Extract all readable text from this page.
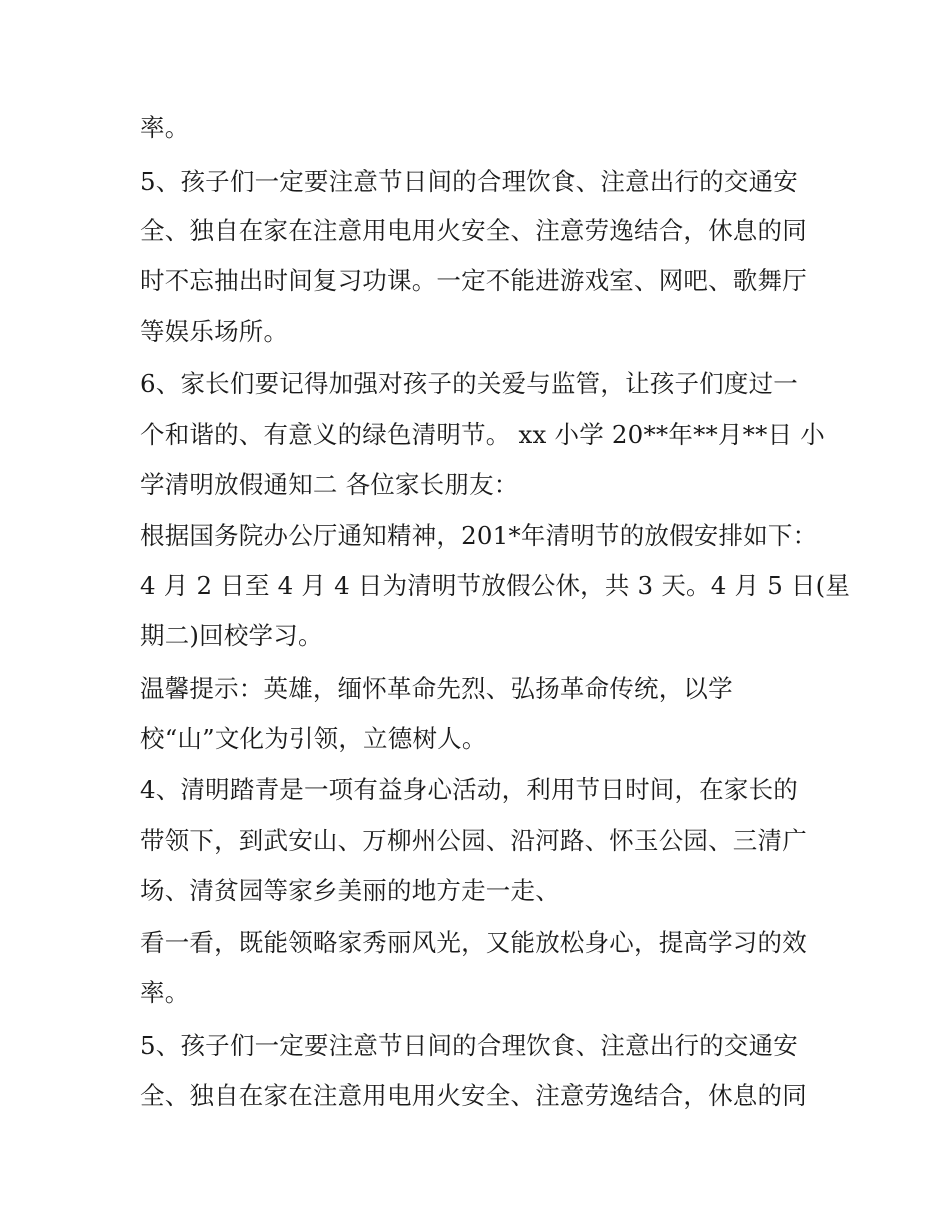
率。
5、孩子们一定要注意节日间的合理饮食、注意出行的交通安
全、独自在家在注意用电用火安全、注意劳逸结合，休息的同
时不忘抽出时间复习功课。一定不能进游戏室、网吧、歌舞厅
等娱乐场所。
6、家长们要记得加强对孩子的关爱与监管，让孩子们度过一
个和谐的、有意义的绿色清明节。 xx 小学 20**年**月**日 小
学清明放假通知二 各位家长朋友：
根据国务院办公厅通知精神，201*年清明节的放假安排如下：
4 月 2 日至 4 月 4 日为清明节放假公休，共 3 天。4 月 5 日(星
期二)回校学习。
温馨提示：英雄，缅怀革命先烈、弘扬革命传统，以学
校“山”文化为引领，立德树人。
4、清明踏青是一项有益身心活动，利用节日时间，在家长的
带领下，到武安山、万柳州公园、沿河路、怀玉公园、三清广
场、清贫园等家乡美丽的地方走一走、
看一看，既能领略家秀丽风光，又能放松身心，提高学习的效
率。
5、孩子们一定要注意节日间的合理饮食、注意出行的交通安
全、独自在家在注意用电用火安全、注意劳逸结合，休息的同
